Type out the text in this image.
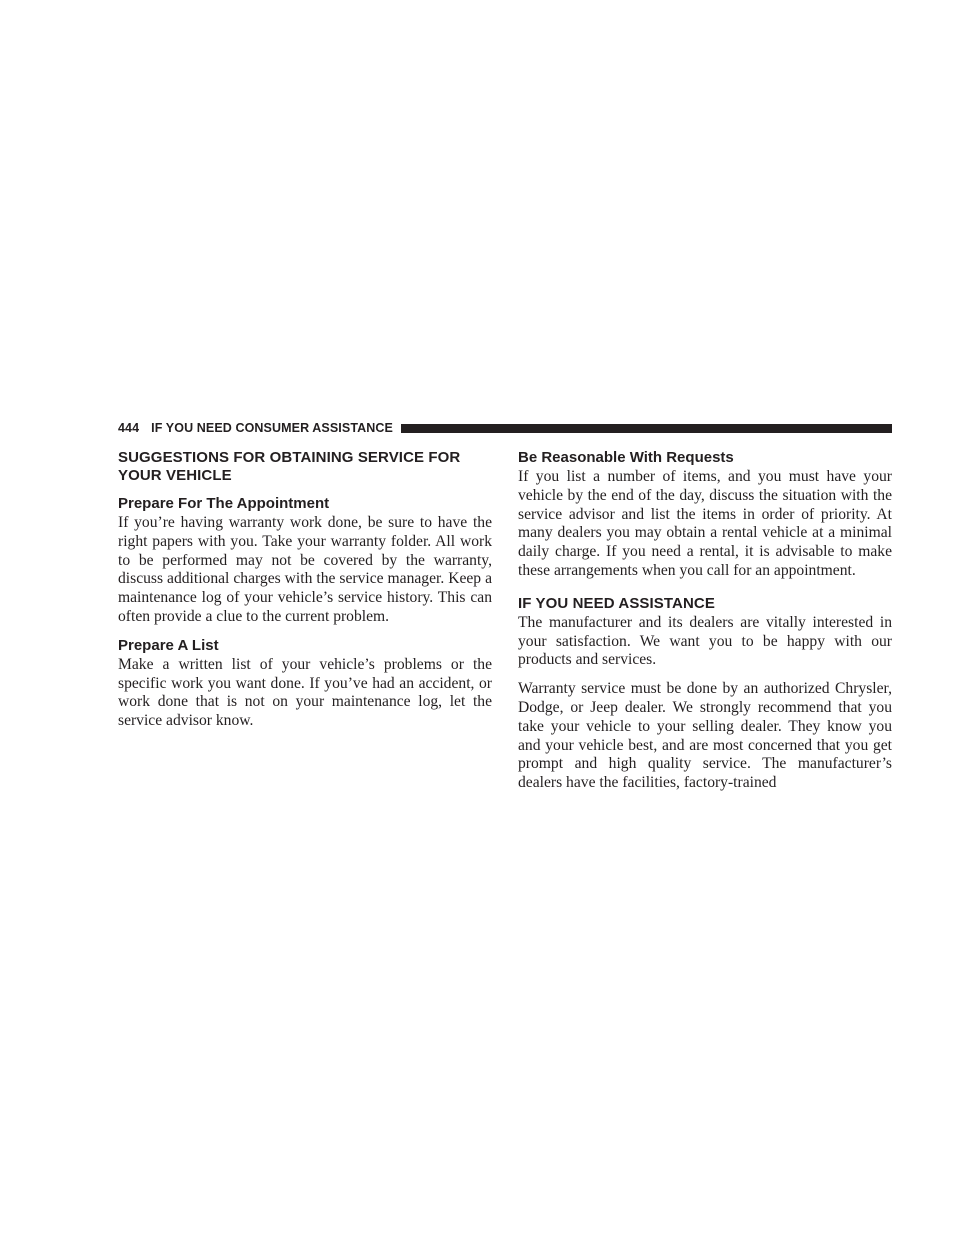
444 IF YOU NEED CONSUMER ASSISTANCE
SUGGESTIONS FOR OBTAINING SERVICE FOR YOUR VEHICLE
Prepare For The Appointment

If you’re having warranty work done, be sure to have the right papers with you. Take your warranty folder. All work to be performed may not be covered by the warranty, discuss additional charges with the service manager. Keep a maintenance log of your vehicle’s service history. This can often provide a clue to the current problem.

Prepare A List

Make a written list of your vehicle’s problems or the specific work you want done. If you’ve had an accident, or work done that is not on your maintenance log, let the service advisor know.

Be Reasonable With Requests

If you list a number of items, and you must have your vehicle by the end of the day, discuss the situation with the service advisor and list the items in order of priority. At many dealers you may obtain a rental vehicle at a minimal daily charge. If you need a rental, it is advisable to make these arrangements when you call for an appointment.

IF YOU NEED ASSISTANCE

The manufacturer and its dealers are vitally interested in your satisfaction. We want you to be happy with our products and services.

Warranty service must be done by an authorized Chrysler, Dodge, or Jeep dealer. We strongly recommend that you take your vehicle to your selling dealer. They know you and your vehicle best, and are most concerned that you get prompt and high quality service. The manufacturer’s dealers have the facilities, factory-trained
